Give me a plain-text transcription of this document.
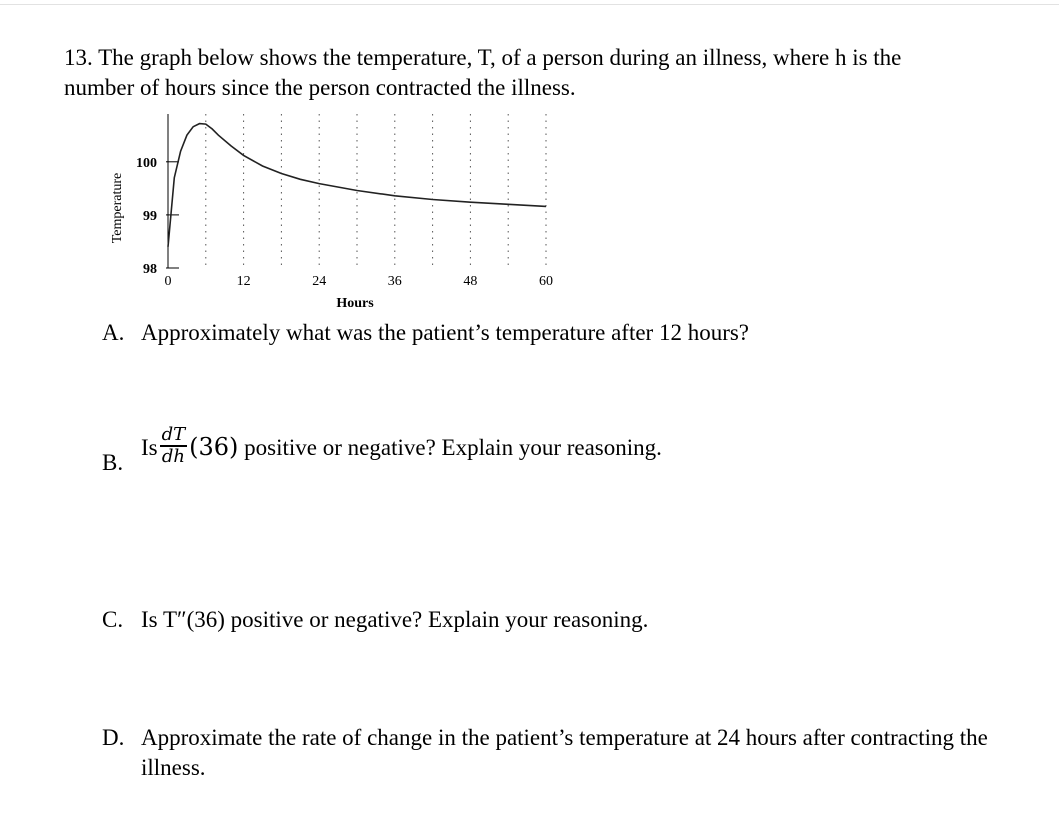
13. The graph below shows the temperature, T, of a person during an illness, where h is the
number of hours since the person contracted the illness.
98
99
100
0	12	24	36	48	60
Hours
Temperature
A. Approximately what was the patient’s temperature after 12 hours?
B.
Is $\frac{dT}{dh} (36)$ positive or negative? Explain your reasoning.
C. Is T″(36) positive or negative? Explain your reasoning.
D. Approximate the rate of change in the patient’s temperature at 24 hours after contracting the illness.
